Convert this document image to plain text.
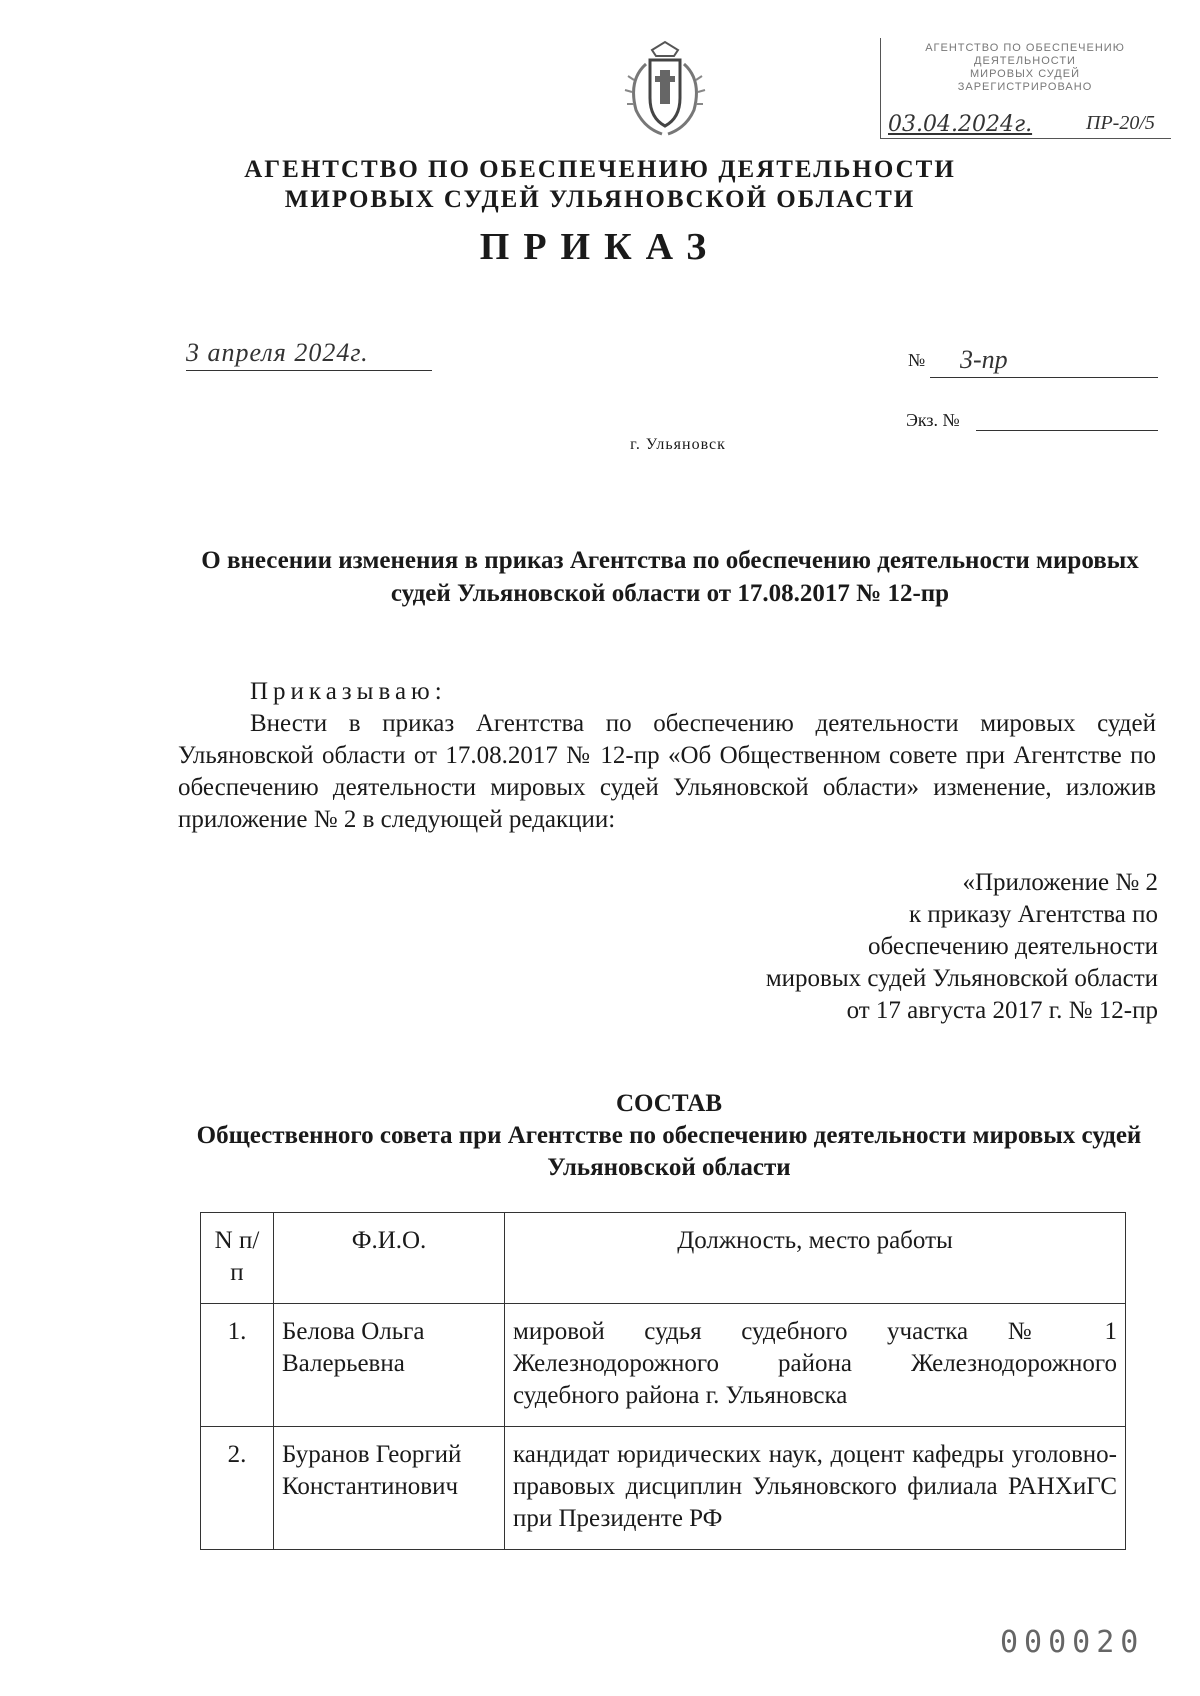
АГЕНТСТВО ПО ОБЕСПЕЧЕНИЮ
ДЕЯТЕЛЬНОСТИ
МИРОВЫХ СУДЕЙ
ЗАРЕГИСТРИРОВАНО
03.04.2024г.	ПР-20/5
АГЕНТСТВО ПО ОБЕСПЕЧЕНИЮ ДЕЯТЕЛЬНОСТИ
МИРОВЫХ СУДЕЙ УЛЬЯНОВСКОЙ ОБЛАСТИ
ПРИКАЗ
3 апреля 2024г.	№ 3-пр
Экз. №
г. Ульяновск
О внесении изменения в приказ Агентства по обеспечению деятельности мировых судей Ульяновской области от 17.08.2017 № 12-пр
Приказываю:
Внести в приказ Агентства по обеспечению деятельности мировых судей Ульяновской области от 17.08.2017 № 12-пр «Об Общественном совете при Агентстве по обеспечению деятельности мировых судей Ульяновской области» изменение, изложив приложение № 2 в следующей редакции:
«Приложение № 2
к приказу Агентства по
обеспечению деятельности
мировых судей Ульяновской области
от 17 августа 2017 г. № 12-пр
СОСТАВ
Общественного совета при Агентстве по обеспечению деятельности мировых судей Ульяновской области
N п/п	Ф.И.О.	Должность, место работы
1.	Белова Ольга Валерьевна	мировой судья судебного участка № 1 Железнодорожного района Железнодорожного судебного района г. Ульяновска
2.	Буранов Георгий Константинович	кандидат юридических наук, доцент кафедры уголовно-правовых дисциплин Ульяновского филиала РАНХиГС при Президенте РФ
000020
